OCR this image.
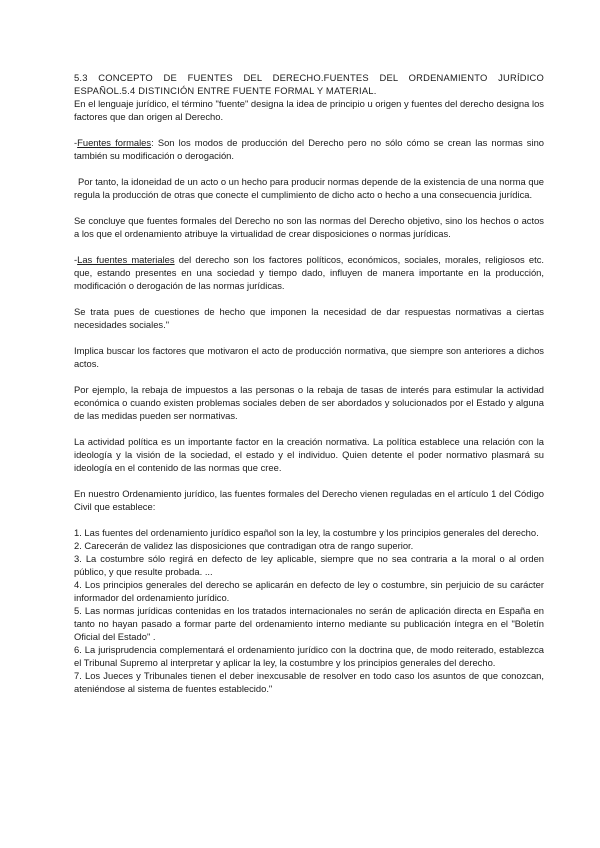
5.3 CONCEPTO DE FUENTES DEL DERECHO.FUENTES DEL ORDENAMIENTO JURÍDICO ESPAÑOL.5.4 DISTINCIÓN ENTRE FUENTE FORMAL Y MATERIAL.

En el lenguaje jurídico, el término "fuente" designa la idea de principio u origen y fuentes del derecho designa los factores que dan origen al Derecho.

-Fuentes formales: Son los modos de producción del Derecho pero no sólo cómo se crean las normas sino también su modificación o derogación.

Por tanto, la idoneidad de un acto o un hecho para producir normas depende de la existencia de una norma que regula la producción de otras que conecte el cumplimiento de dicho acto o hecho a una consecuencia jurídica.

Se concluye que fuentes formales del Derecho no son las normas del Derecho objetivo, sino los hechos o actos a los que el ordenamiento atribuye la virtualidad de crear disposiciones o normas jurídicas.

-Las fuentes materiales del derecho son los factores políticos, económicos, sociales, morales, religiosos etc. que, estando presentes en una sociedad y tiempo dado, influyen de manera importante en la producción, modificación o derogación de las normas jurídicas.

Se trata pues de cuestiones de hecho que imponen la necesidad de dar respuestas normativas a ciertas necesidades sociales."

Implica buscar los factores que motivaron el acto de producción normativa, que siempre son anteriores a dichos actos.

Por ejemplo, la rebaja de impuestos a las personas o la rebaja de tasas de interés para estimular la actividad económica o cuando existen problemas sociales deben de ser abordados y solucionados por el Estado y alguna de las medidas pueden ser normativas.

La actividad política es un importante factor en la creación normativa. La política establece una relación con la ideología y la visión de la sociedad, el estado y el individuo. Quien detente el poder normativo plasmará su ideología en el contenido de las normas que cree.

En nuestro Ordenamiento jurídico, las fuentes formales del Derecho vienen reguladas en el artículo 1 del Código Civil que establece:

1. Las fuentes del ordenamiento jurídico español son la ley, la costumbre y los principios generales del derecho.
2. Carecerán de validez las disposiciones que contradigan otra de rango superior.
3. La costumbre sólo regirá en defecto de ley aplicable, siempre que no sea contraria a la moral o al orden público, y que resulte probada. ...
4. Los principios generales del derecho se aplicarán en defecto de ley o costumbre, sin perjuicio de su carácter informador del ordenamiento jurídico.
5. Las normas jurídicas contenidas en los tratados internacionales no serán de aplicación directa en España en tanto no hayan pasado a formar parte del ordenamiento interno mediante su publicación íntegra en el "Boletín Oficial del Estado" .
6. La jurisprudencia complementará el ordenamiento jurídico con la doctrina que, de modo reiterado, establezca el Tribunal Supremo al interpretar y aplicar la ley, la costumbre y los principios generales del derecho.
7. Los Jueces y Tribunales tienen el deber inexcusable de resolver en todo caso los asuntos de que conozcan, ateniéndose al sistema de fuentes establecido."
